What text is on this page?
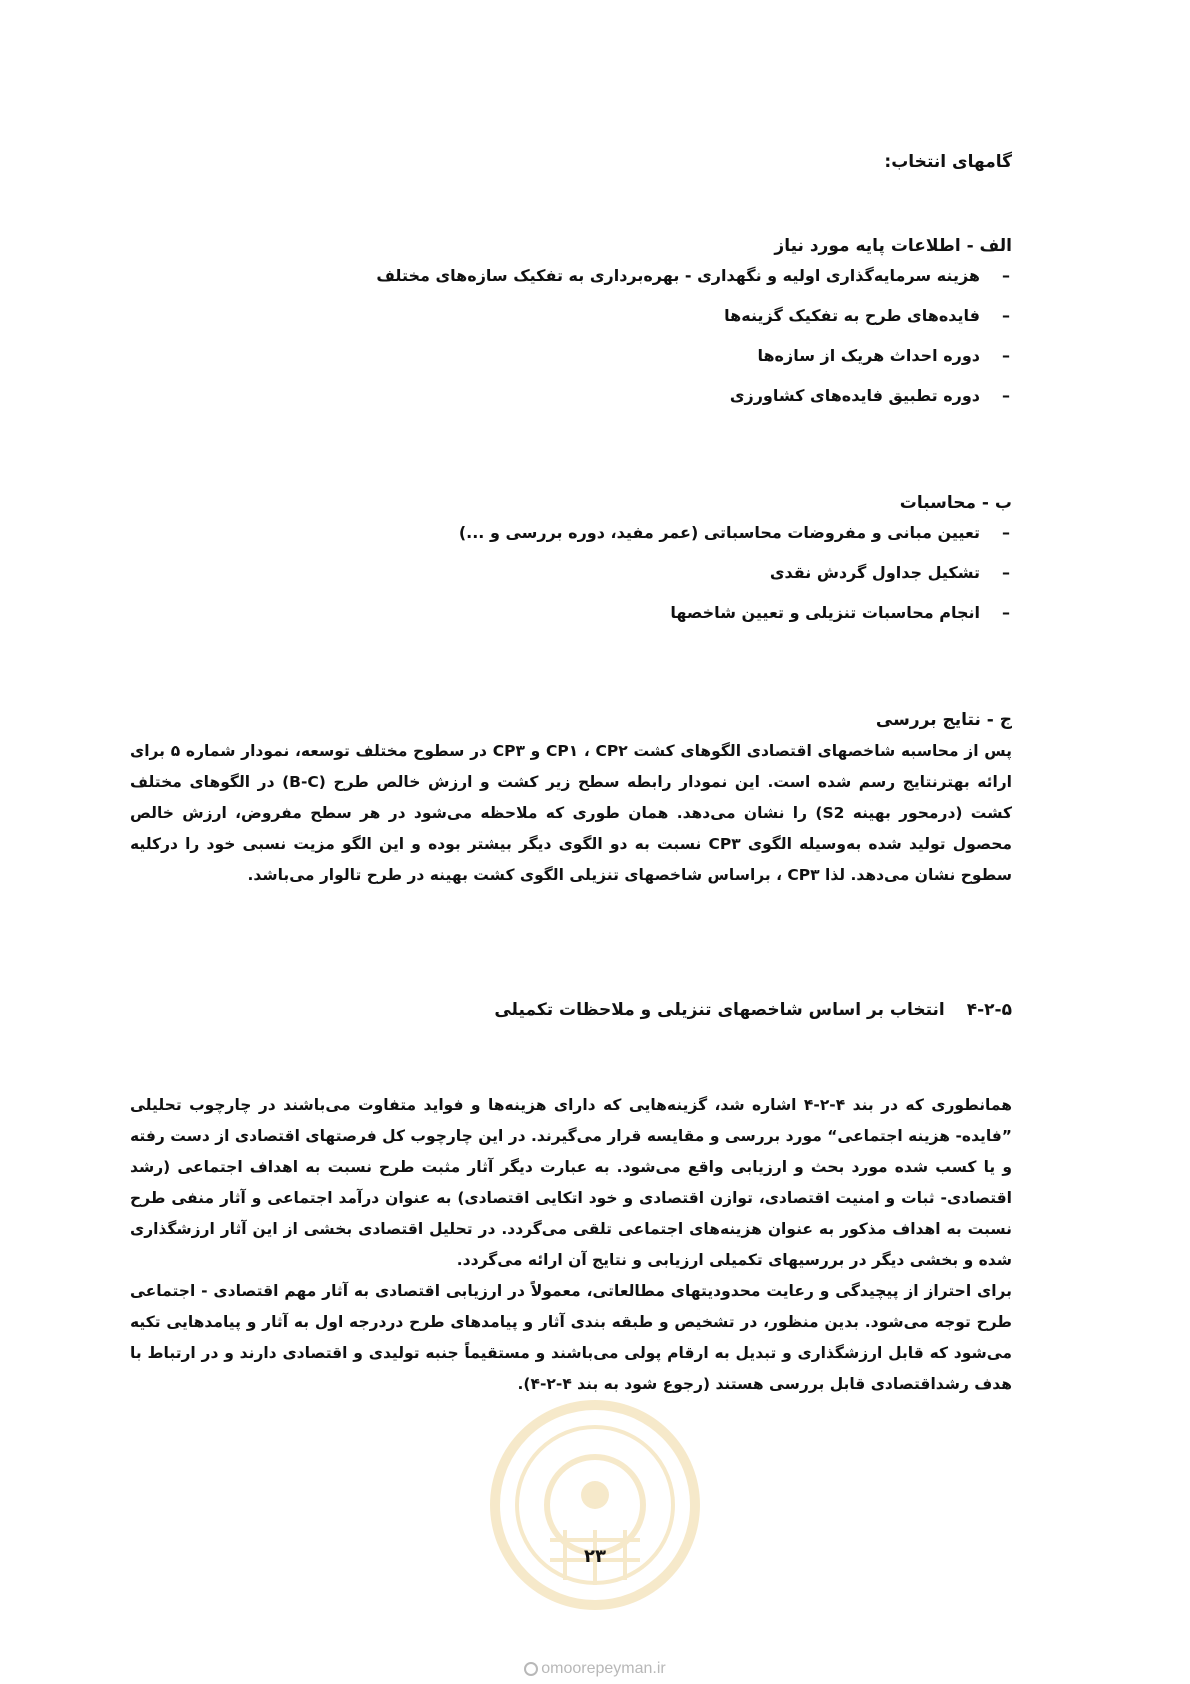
گامهای انتخاب:
الف - اطلاعات پایه مورد نیاز
–
هزینه سرمایه‌گذاری اولیه و نگهداری - بهره‌برداری به تفکیک سازه‌های مختلف
–
فایده‌های طرح به تفکیک گزینه‌ها
–
دوره احداث هریک از سازه‌ها
–
دوره تطبیق فایده‌های کشاورزی
ب - محاسبات
–
تعیین مبانی و مفروضات محاسباتی (عمر مفید، دوره بررسی و ...)
–
تشکیل جداول گردش نقدی
–
انجام محاسبات تنزیلی و تعیین شاخصها
ج - نتایج بررسی

پس از محاسبه شاخصهای اقتصادی الگوهای کشت CP۱ ، CP۲ و CP۳ در سطوح مختلف توسعه، نمودار شماره ۵ برای ارائه بهترنتایج رسم شده است. این نمودار رابطه سطح زیر کشت و ارزش خالص طرح (B-C) در الگوهای مختلف کشت (درمحور بهینه S2) را نشان می‌دهد. همان طوری که ملاحظه می‌شود در هر سطح مفروض، ارزش خالص محصول تولید شده به‌وسیله الگوی CP۳ نسبت به دو الگوی دیگر بیشتر بوده و این الگو مزیت نسبی خود را درکلیه سطوح نشان می‌دهد. لذا CP۳ ، براساس شاخصهای تنزیلی الگوی کشت بهینه در طرح تالوار می‌باشد.

۴-۲-۵
انتخاب بر اساس شاخصهای تنزیلی و ملاحظات تکمیلی

همانطوری که در بند ۴-۲-۴ اشاره شد، گزینه‌هایی که دارای هزینه‌ها و فواید متفاوت می‌باشند در چارچوب تحلیلی ”فایده- هزینه اجتماعی“ مورد بررسی و مقایسه قرار می‌گیرند. در این چارچوب کل فرصتهای اقتصادی از دست رفته و یا کسب شده مورد بحث و ارزیابی واقع می‌شود. به عبارت دیگر آثار مثبت طرح نسبت به اهداف اجتماعی (رشد اقتصادی- ثبات و امنیت اقتصادی، توازن اقتصادی و خود اتکایی اقتصادی) به عنوان درآمد اجتماعی و آثار منفی طرح نسبت به اهداف مذکور به عنوان هزینه‌های اجتماعی تلقی می‌گردد. در تحلیل اقتصادی بخشی از این آثار ارزشگذاری شده و بخشی دیگر در بررسیهای تکمیلی ارزیابی و نتایج آن ارائه می‌گردد.

برای احتراز از پیچیدگی و رعایت محدودیتهای مطالعاتی، معمولاً در ارزیابی اقتصادی به آثار مهم اقتصادی - اجتماعی طرح توجه می‌شود. بدین منظور، در تشخیص و طبقه بندی آثار و پیامدهای طرح دردرجه اول به آثار و پیامدهایی تکیه می‌شود که قابل ارزشگذاری و تبدیل به ارقام پولی می‌باشند و مستقیماً جنبه تولیدی و اقتصادی دارند و در ارتباط با هدف رشداقتصادی قابل بررسی هستند (رجوع شود به بند ۴-۲-۴).

۲۳
omoorepeyman.ir
